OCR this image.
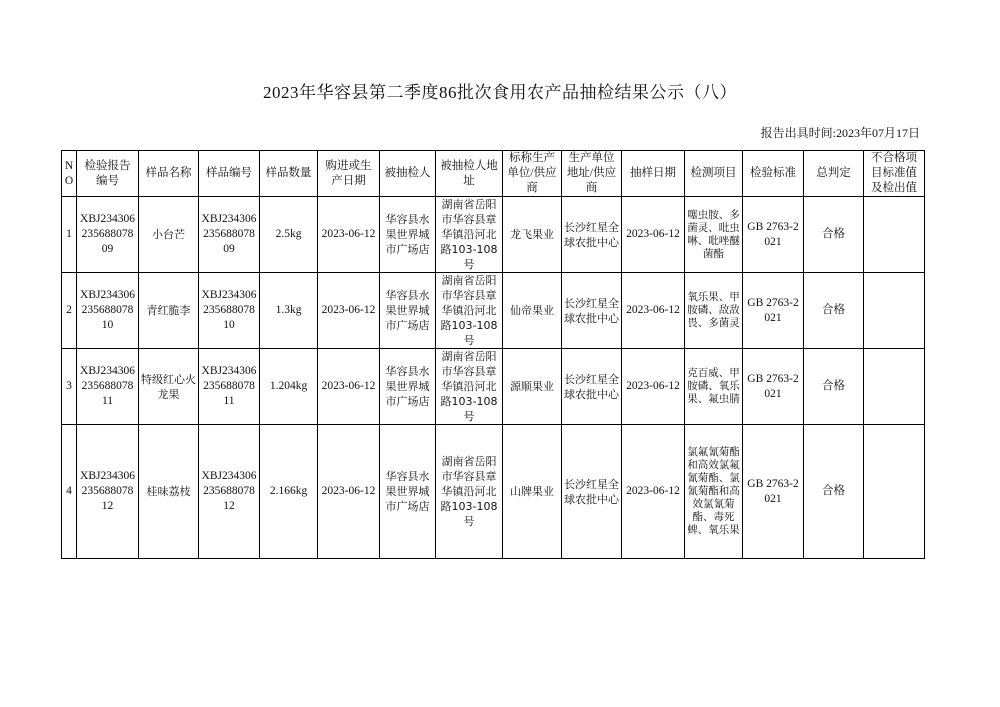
2023年华容县第二季度86批次食用农产品抽检结果公示（八）
报告出具时间:2023年07月17日
NO	检验报告编号	样品名称	样品编号	样品数量	购进或生产日期	被抽检人	被抽检人地址	标称生产单位/供应商	生产单位地址/供应商	抽样日期	检测项目	检验标准	总判定	不合格项目标准值及检出值
1	XBJ23430623568807809	小台芒	XBJ23430623568807809	2.5kg	2023-06-12	华容县水果世界城市广场店	湖南省岳阳市华容县章华镇沿河北路103-108号	龙飞果业	长沙红星全球农批中心	2023-06-12	噻虫胺、多菌灵、吡虫啉、吡唑醚菌酯	GB 2763-2021	合格	
2	XBJ23430623568807810	青红脆李	XBJ23430623568807810	1.3kg	2023-06-12	华容县水果世界城市广场店	湖南省岳阳市华容县章华镇沿河北路103-108号	仙帝果业	长沙红星全球农批中心	2023-06-12	氧乐果、甲胺磷、敌敌畏、多菌灵	GB 2763-2021	合格	
3	XBJ23430623568807811	特级红心火龙果	XBJ23430623568807811	1.204kg	2023-06-12	华容县水果世界城市广场店	湖南省岳阳市华容县章华镇沿河北路103-108号	源顺果业	长沙红星全球农批中心	2023-06-12	克百威、甲胺磷、氧乐果、氟虫腈	GB 2763-2021	合格	
4	XBJ23430623568807812	桂味荔枝	XBJ23430623568807812	2.166kg	2023-06-12	华容县水果世界城市广场店	湖南省岳阳市华容县章华镇沿河北路103-108号	山牌果业	长沙红星全球农批中心	2023-06-12	氯氟氰菊酯和高效氯氟氰菊酯、氯氰菊酯和高效氯氰菊酯、毒死蜱、氧乐果	GB 2763-2021	合格	
